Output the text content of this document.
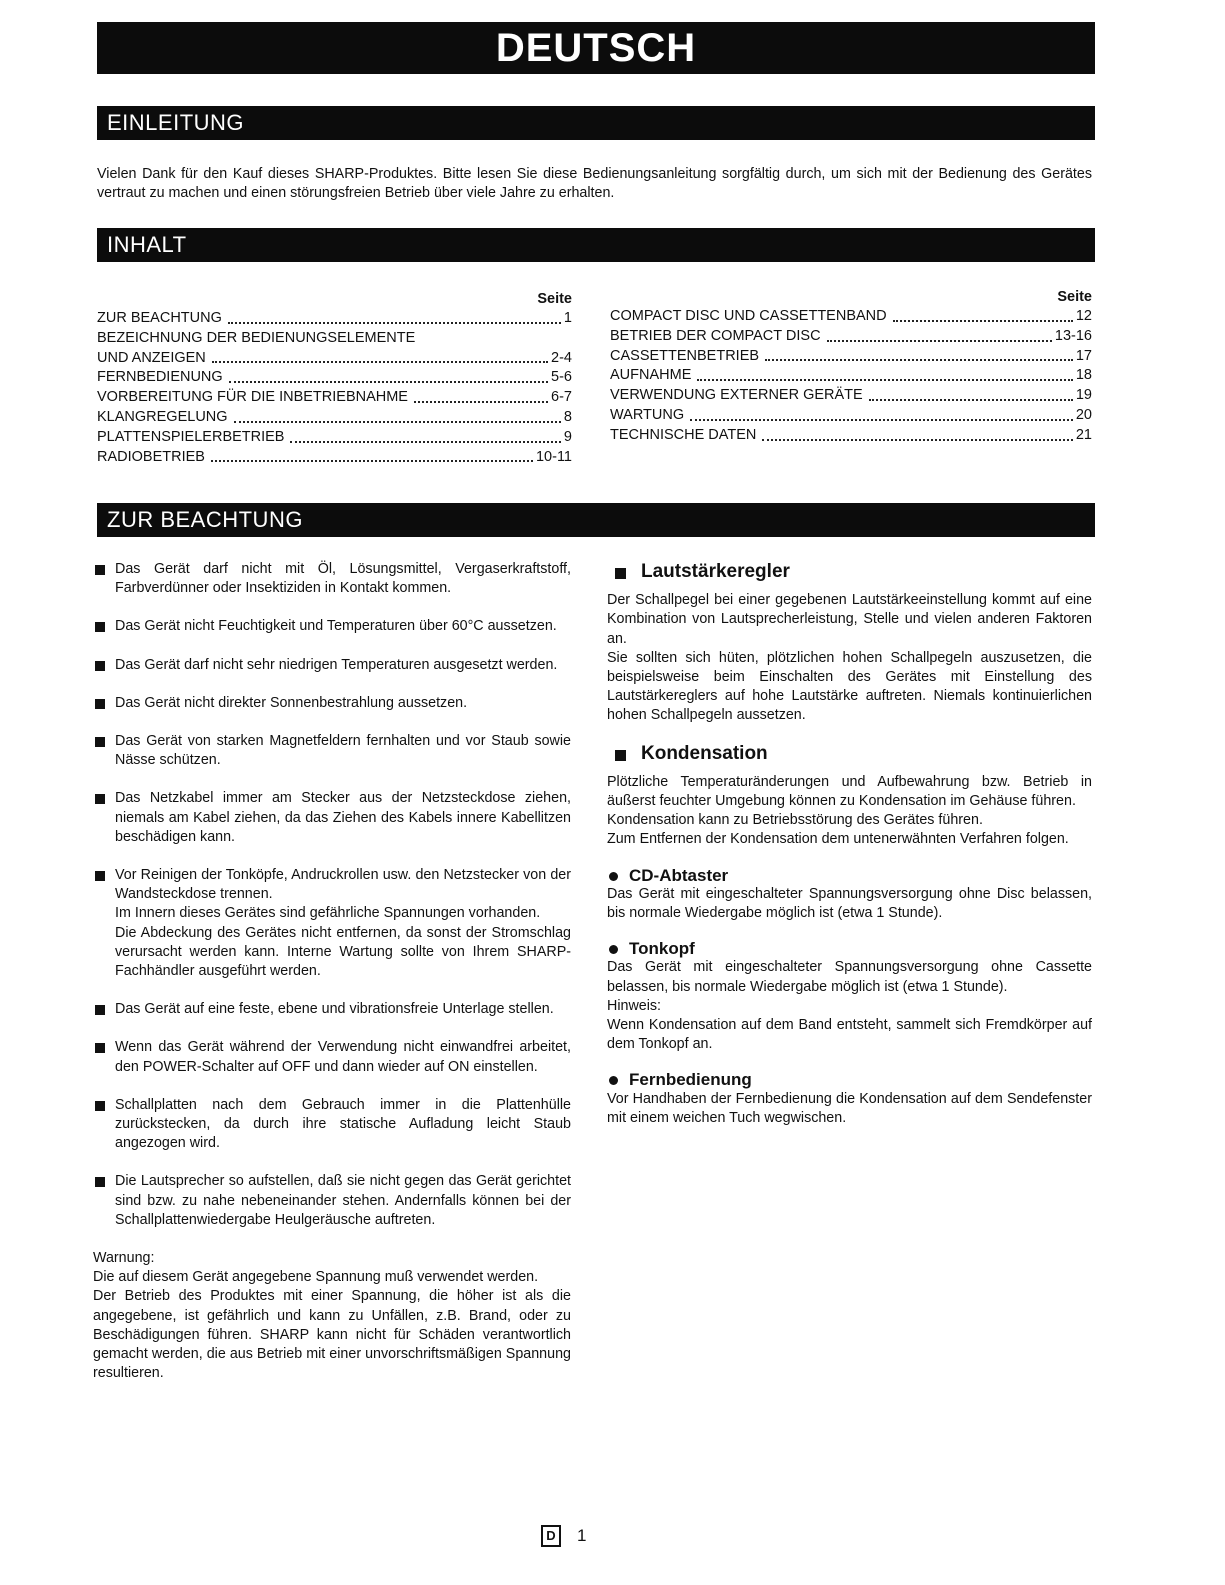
DEUTSCH
EINLEITUNG
Vielen Dank für den Kauf dieses SHARP-Produktes. Bitte lesen Sie diese Bedienungsanleitung sorgfältig durch, um sich mit der Bedienung des Gerätes vertraut zu machen und einen störungsfreien Betrieb über viele Jahre zu erhalten.
INHALT
Seite
ZUR BEACHTUNG	1
BEZEICHNUNG DER BEDIENUNGSELEMENTE
UND ANZEIGEN	2-4
FERNBEDIENUNG	5-6
VORBEREITUNG FÜR DIE INBETRIEBNAHME	6-7
KLANGREGELUNG	8
PLATTENSPIELERBETRIEB	9
RADIOBETRIEB	10-11
Seite
COMPACT DISC UND CASSETTENBAND	12
BETRIEB DER COMPACT DISC	13-16
CASSETTENBETRIEB	17
AUFNAHME	18
VERWENDUNG EXTERNER GERÄTE	19
WARTUNG	20
TECHNISCHE DATEN	21
ZUR BEACHTUNG
Das Gerät darf nicht mit Öl, Lösungsmittel, Vergaserkraftstoff, Farbverdünner oder Insektiziden in Kontakt kommen.
Das Gerät nicht Feuchtigkeit und Temperaturen über 60°C aussetzen.
Das Gerät darf nicht sehr niedrigen Temperaturen ausgesetzt werden.
Das Gerät nicht direkter Sonnenbestrahlung aussetzen.
Das Gerät von starken Magnetfeldern fernhalten und vor Staub sowie Nässe schützen.
Das Netzkabel immer am Stecker aus der Netzsteckdose ziehen, niemals am Kabel ziehen, da das Ziehen des Kabels innere Kabellitzen beschädigen kann.
Vor Reinigen der Tonköpfe, Andruckrollen usw. den Netzstecker von der Wandsteckdose trennen.
Im Innern dieses Gerätes sind gefährliche Spannungen vorhanden.
Die Abdeckung des Gerätes nicht entfernen, da sonst der Stromschlag verursacht werden kann. Interne Wartung sollte von Ihrem SHARP-Fachhändler ausgeführt werden.
Das Gerät auf eine feste, ebene und vibrationsfreie Unterlage stellen.
Wenn das Gerät während der Verwendung nicht einwandfrei arbeitet, den POWER-Schalter auf OFF und dann wieder auf ON einstellen.
Schallplatten nach dem Gebrauch immer in die Plattenhülle zurückstecken, da durch ihre statische Aufladung leicht Staub angezogen wird.
Die Lautsprecher so aufstellen, daß sie nicht gegen das Gerät gerichtet sind bzw. zu nahe nebeneinander stehen. Andernfalls können bei der Schallplattenwiedergabe Heulgeräusche auftreten.

Warnung:

Die auf diesem Gerät angegebene Spannung muß verwendet werden.

Der Betrieb des Produktes mit einer Spannung, die höher ist als die angegebene, ist gefährlich und kann zu Unfällen, z.B. Brand, oder zu Beschädigungen führen. SHARP kann nicht für Schäden verantwortlich gemacht werden, die aus Betrieb mit einer unvorschriftsmäßigen Spannung resultieren.

Lautstärkeregler

Der Schallpegel bei einer gegebenen Lautstärkeeinstellung kommt auf eine Kombination von Lautsprecherleistung, Stelle und vielen anderen Faktoren an.

Sie sollten sich hüten, plötzlichen hohen Schallpegeln auszusetzen, die beispielsweise beim Einschalten des Gerätes mit Einstellung des Lautstärkereglers auf hohe Lautstärke auftreten. Niemals kontinuierlichen hohen Schallpegeln aussetzen.

Kondensation

Plötzliche Temperaturänderungen und Aufbewahrung bzw. Betrieb in äußerst feuchter Umgebung können zu Kondensation im Gehäuse führen.

Kondensation kann zu Betriebsstörung des Gerätes führen.

Zum Entfernen der Kondensation dem untenerwähnten Verfahren folgen.

CD-Abtaster

Das Gerät mit eingeschalteter Spannungsversorgung ohne Disc belassen, bis normale Wiedergabe möglich ist (etwa 1 Stunde).

Tonkopf

Das Gerät mit eingeschalteter Spannungsversorgung ohne Cassette belassen, bis normale Wiedergabe möglich ist (etwa 1 Stunde).

Hinweis:

Wenn Kondensation auf dem Band entsteht, sammelt sich Fremdkörper auf dem Tonkopf an.

Fernbedienung

Vor Handhaben der Fernbedienung die Kondensation auf dem Sendefenster mit einem weichen Tuch wegwischen.

D	1
